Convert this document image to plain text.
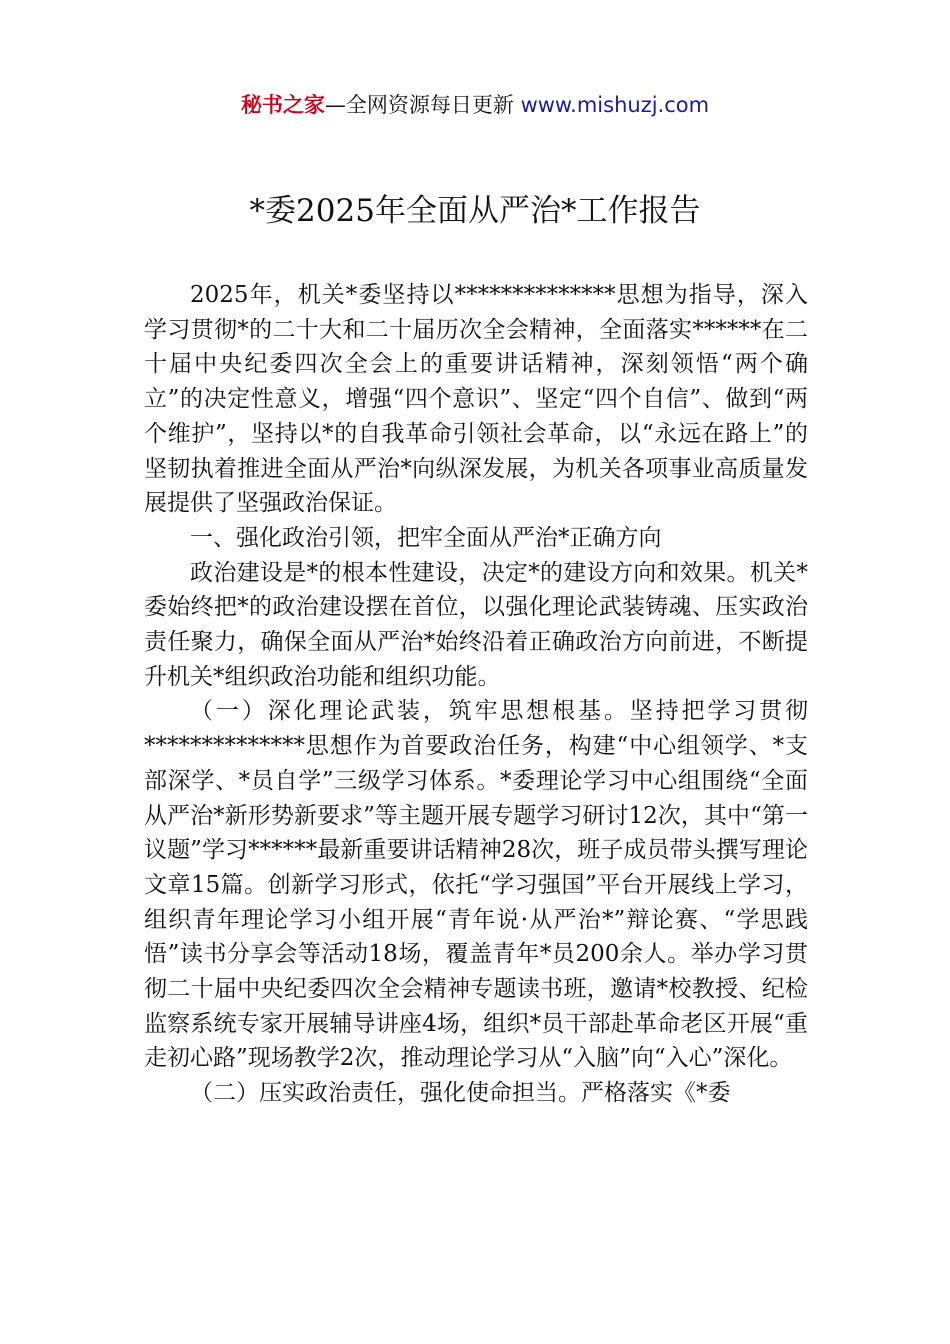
秘书之家—全网资源每日更新 www.mishuzj.com
*委2025年全面从严治*工作报告

2025年，机关*委坚持以**************思想为指导，深入学习贯彻*的二十大和二十届历次全会精神，全面落实******在二十届中央纪委四次全会上的重要讲话精神，深刻领悟“两个确立”的决定性意义，增强“四个意识”、坚定“四个自信”、做到“两个维护”，坚持以*的自我革命引领社会革命，以“永远在路上”的坚韧执着推进全面从严治*向纵深发展，为机关各项事业高质量发展提供了坚强政治保证。

一、强化政治引领，把牢全面从严治*正确方向

政治建设是*的根本性建设，决定*的建设方向和效果。机关*委始终把*的政治建设摆在首位，以强化理论武装铸魂、压实政治责任聚力，确保全面从严治*始终沿着正确政治方向前进，不断提升机关*组织政治功能和组织功能。

（一）深化理论武装，筑牢思想根基。坚持把学习贯彻**************思想作为首要政治任务，构建“中心组领学、*支部深学、*员自学”三级学习体系。*委理论学习中心组围绕“全面从严治*新形势新要求”等主题开展专题学习研讨12次，其中“第一议题”学习******最新重要讲话精神28次，班子成员带头撰写理论文章15篇。创新学习形式，依托“学习强国”平台开展线上学习，组织青年理论学习小组开展“青年说·从严治*”辩论赛、“学思践悟”读书分享会等活动18场，覆盖青年*员200余人。举办学习贯彻二十届中央纪委四次全会精神专题读书班，邀请*校教授、纪检监察系统专家开展辅导讲座4场，组织*员干部赴革命老区开展“重走初心路”现场教学2次，推动理论学习从“入脑”向“入心”深化。

（二）压实政治责任，强化使命担当。严格落实《*委
